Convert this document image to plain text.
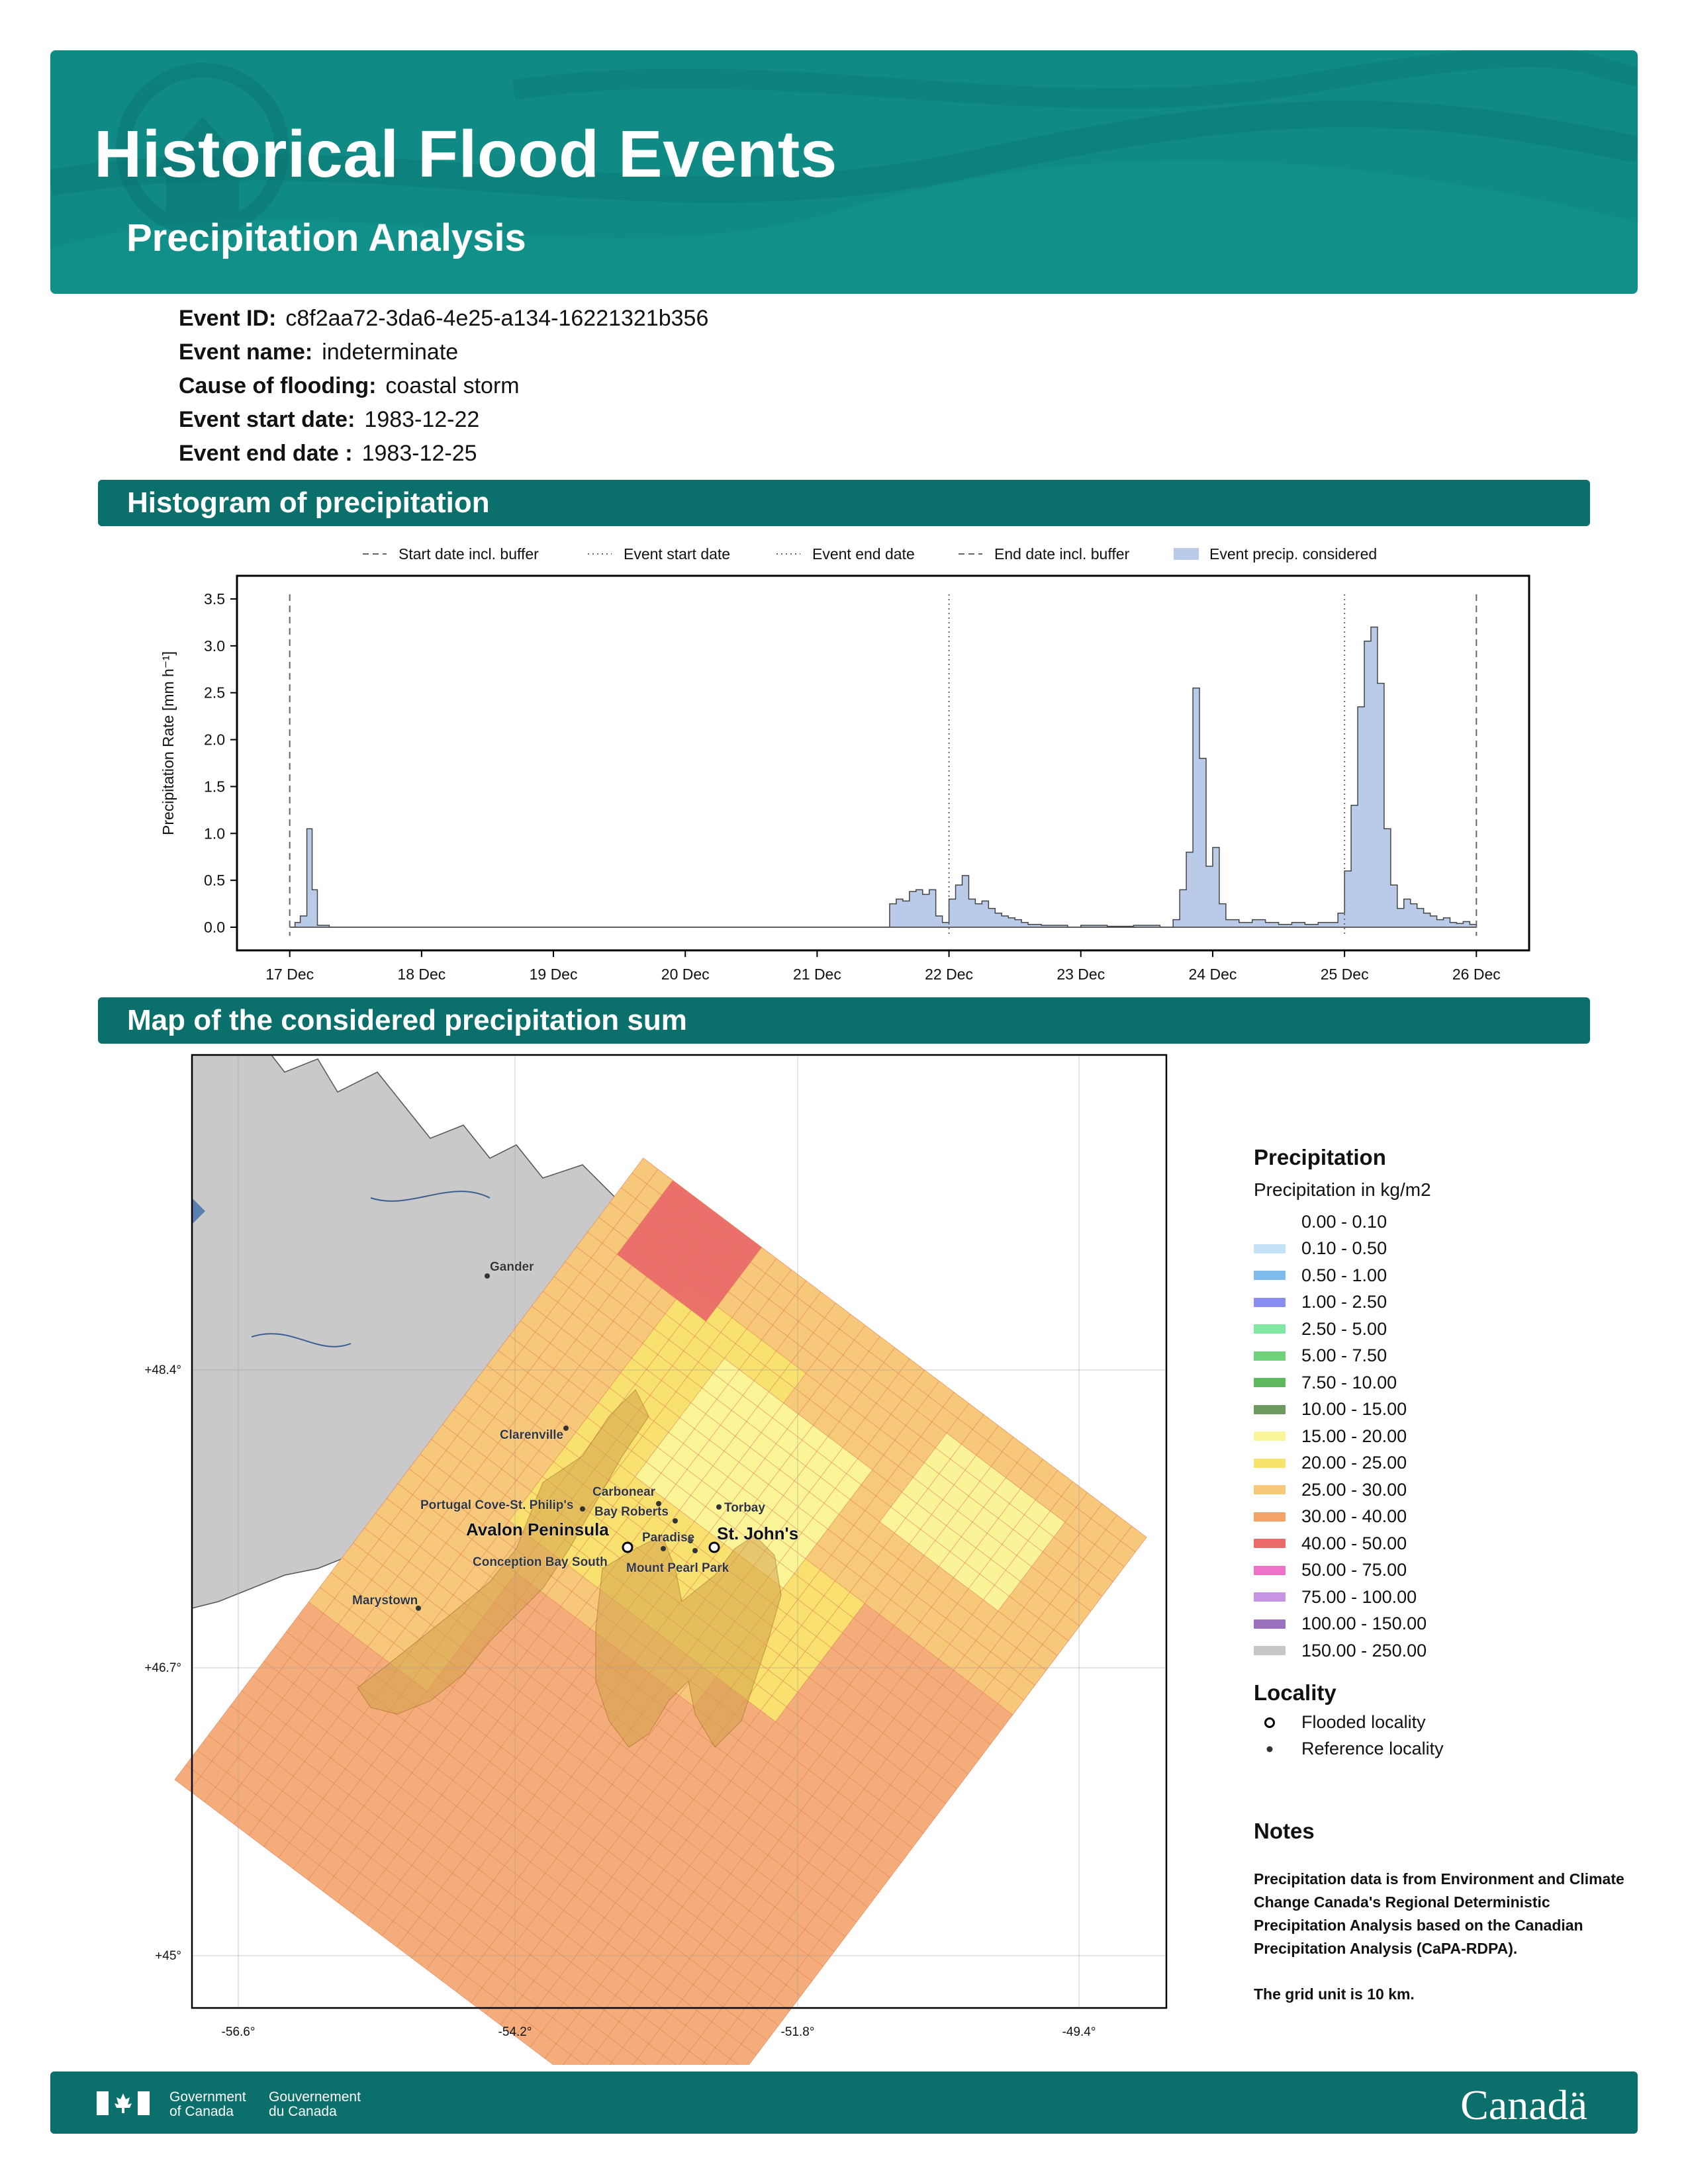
Historical Flood Events
Precipitation Analysis
Event ID: c8f2aa72-3da6-4e25-a134-16221321b356
Event name: indeterminate
Cause of flooding: coastal storm
Event start date: 1983-12-22
Event end date : 1983-12-25
Histogram of precipitation
Start date incl. buffer	Event start date	Event end date	End date incl. buffer	Event precip. considered
0.0
0.5
1.0
1.5
2.0
2.5
3.0
3.5
17 Dec	18 Dec	19 Dec	20 Dec	21 Dec	22 Dec	23 Dec	24 Dec	25 Dec	26 Dec
Precipitation Rate [mm h⁻¹]
Map of the considered precipitation sum
-56.6°	-54.2°	-51.8°	-49.4°
+48.4°
+46.7°
+45°
Gander
Clarenville
Portugal Cove-St. Philip's
Carbonear
Bay Roberts	Torbay
Paradise
Conception Bay South Mount Pearl Park
Marystown
Avalon Peninsula	St. John's
Precipitation
Precipitation in kg/m2
0.00 - 0.10
0.10 - 0.50
0.50 - 1.00
1.00 - 2.50
2.50 - 5.00
5.00 - 7.50
7.50 - 10.00
10.00 - 15.00
15.00 - 20.00
20.00 - 25.00
25.00 - 30.00
30.00 - 40.00
40.00 - 50.00
50.00 - 75.00
75.00 - 100.00
100.00 - 150.00
150.00 - 250.00
Locality
Flooded locality
Reference locality
Notes

Precipitation data is from Environment and Climate Change Canada's Regional Deterministic Precipitation Analysis based on the Canadian Precipitation Analysis (CaPA-RDPA).

The grid unit is 10 km.

Government
of Canada
Gouvernement
du Canada	Canadä
